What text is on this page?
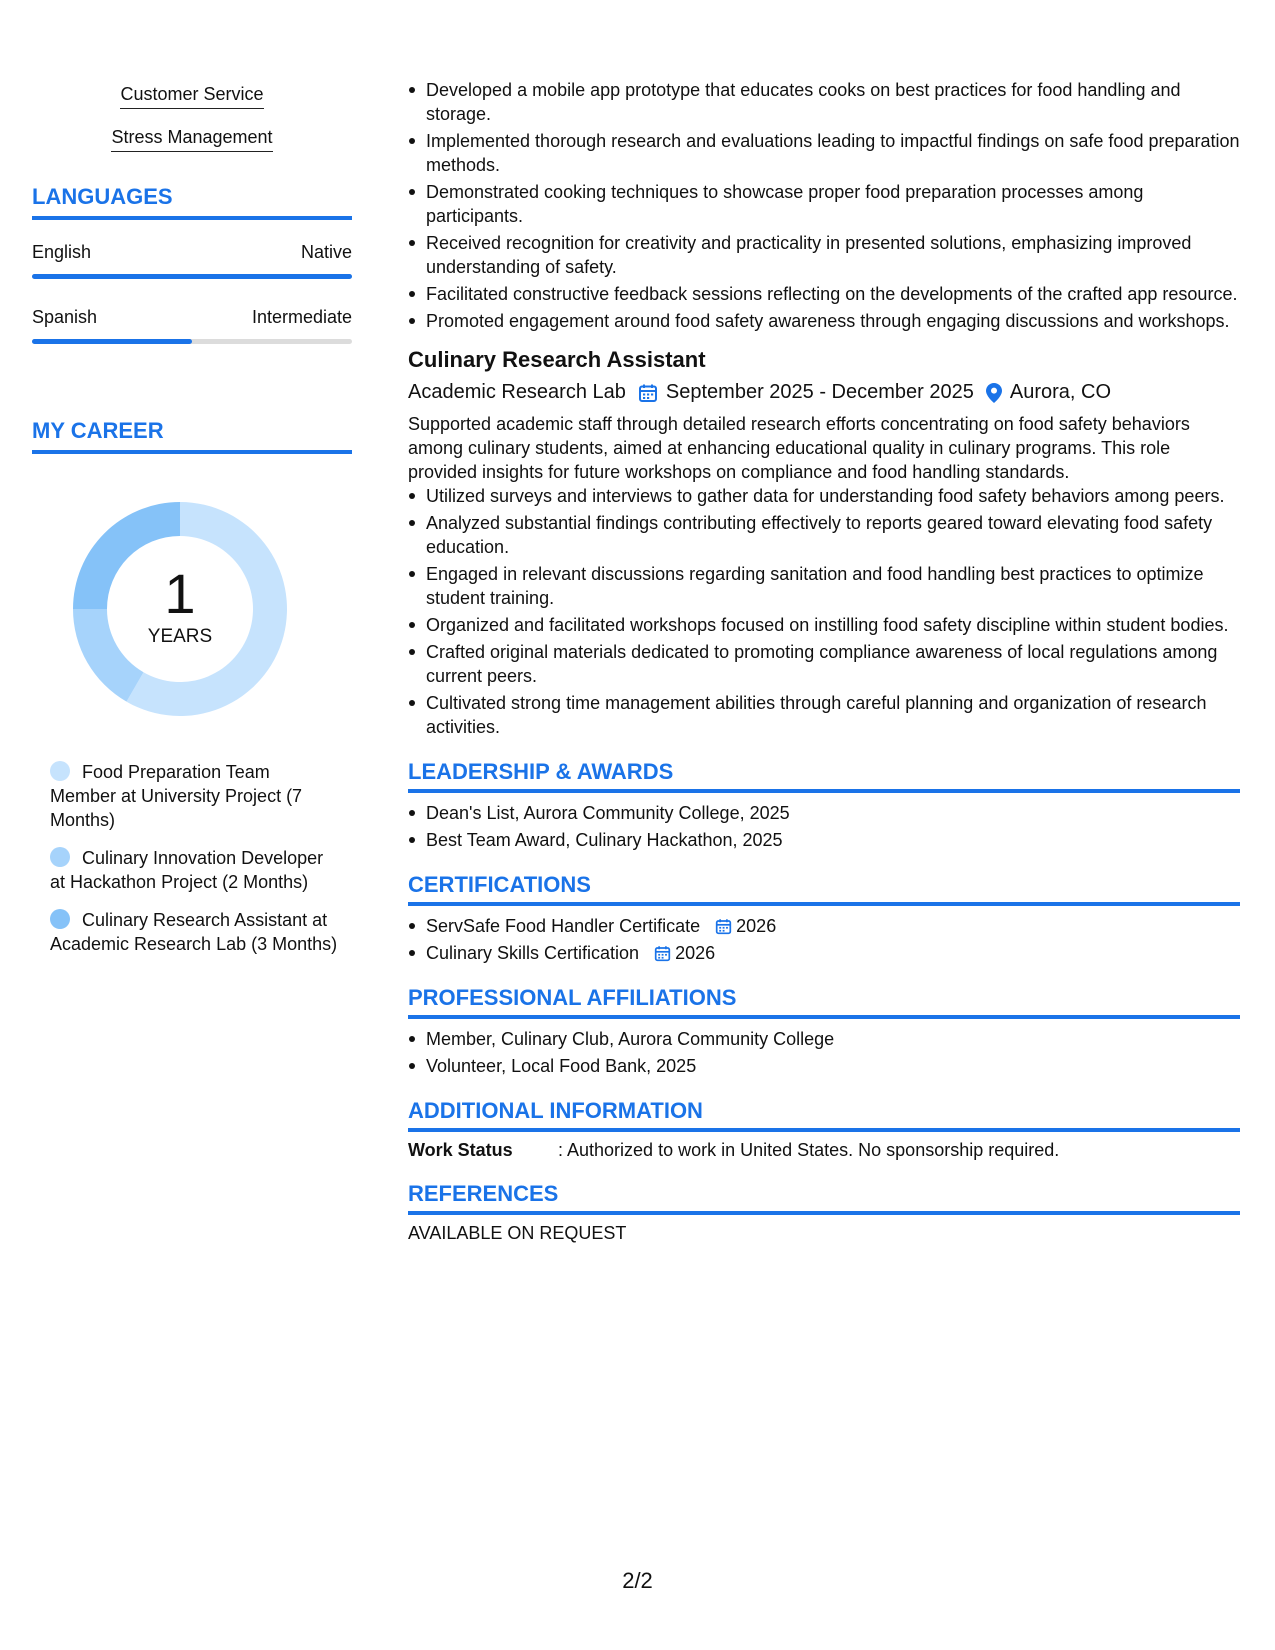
Customer Service
Stress Management
LANGUAGES
English	Native
Spanish	Intermediate
MY CAREER
1
YEARS
Food Preparation Team Member at University Project (7 Months)
Culinary Innovation Developer at Hackathon Project (2 Months)
Culinary Research Assistant at Academic Research Lab (3 Months)
Developed a mobile app prototype that educates cooks on best practices for food handling and storage.
Implemented thorough research and evaluations leading to impactful findings on safe food preparation methods.
Demonstrated cooking techniques to showcase proper food preparation processes among participants.
Received recognition for creativity and practicality in presented solutions, emphasizing improved understanding of safety.
Facilitated constructive feedback sessions reflecting on the developments of the crafted app resource.
Promoted engagement around food safety awareness through engaging discussions and workshops.
Culinary Research Assistant
Academic Research Lab September 2025 - December 2025 Aurora, CO
Supported academic staff through detailed research efforts concentrating on food safety behaviors among culinary students, aimed at enhancing educational quality in culinary programs. This role provided insights for future workshops on compliance and food handling standards.
Utilized surveys and interviews to gather data for understanding food safety behaviors among peers.
Analyzed substantial findings contributing effectively to reports geared toward elevating food safety education.
Engaged in relevant discussions regarding sanitation and food handling best practices to optimize student training.
Organized and facilitated workshops focused on instilling food safety discipline within student bodies.
Crafted original materials dedicated to promoting compliance awareness of local regulations among current peers.
Cultivated strong time management abilities through careful planning and organization of research activities.
LEADERSHIP & AWARDS
Dean's List, Aurora Community College, 2025
Best Team Award, Culinary Hackathon, 2025
CERTIFICATIONS
ServSafe Food Handler Certificate 2026
Culinary Skills Certification 2026
PROFESSIONAL AFFILIATIONS
Member, Culinary Club, Aurora Community College
Volunteer, Local Food Bank, 2025
ADDITIONAL INFORMATION
Work Status	: Authorized to work in United States. No sponsorship required.
REFERENCES
AVAILABLE ON REQUEST
2/2
